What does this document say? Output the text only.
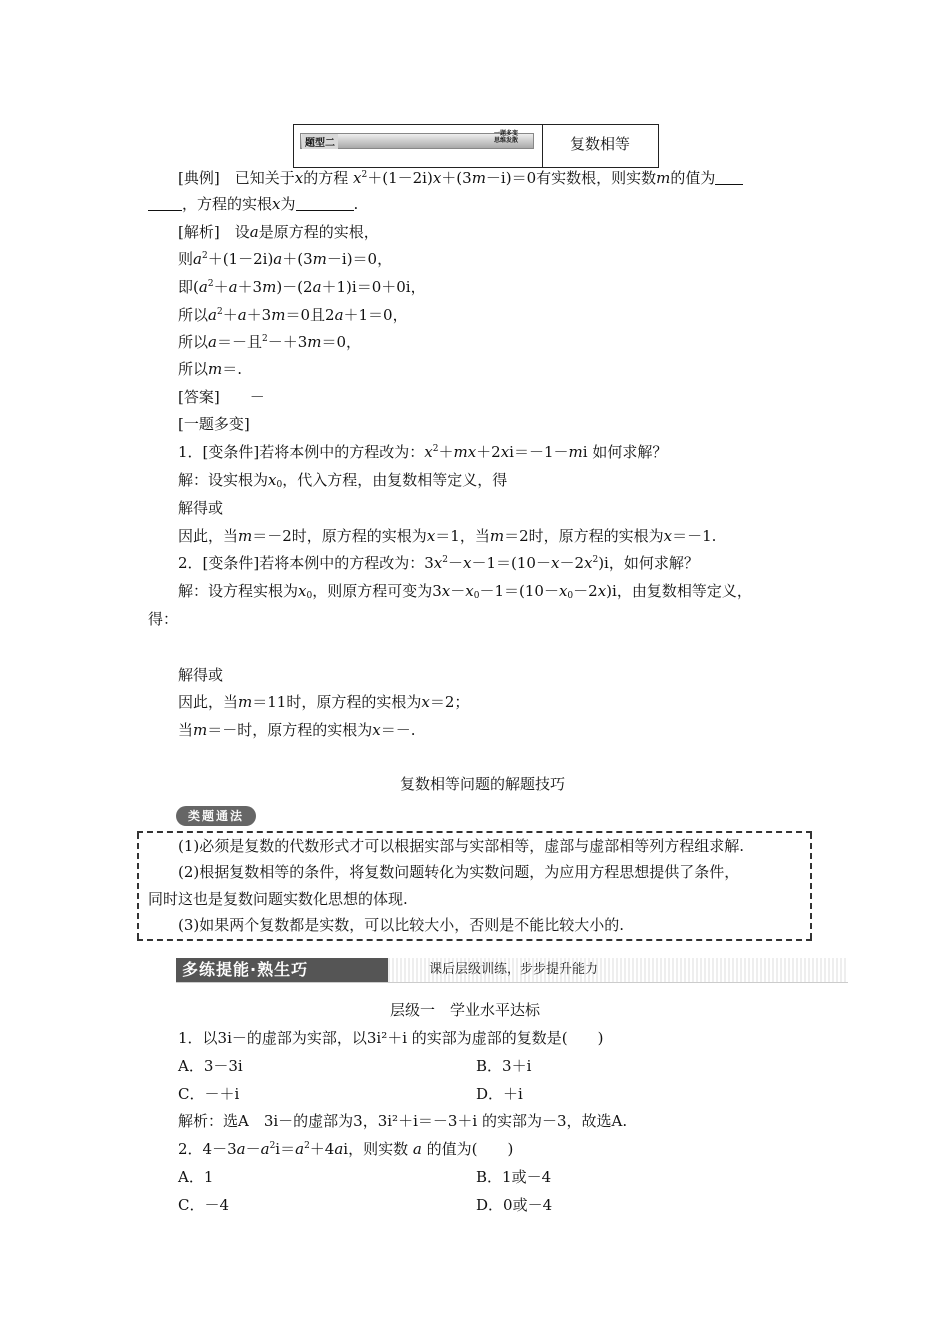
题型二
一题多变
思维发散	复数相等
[典例]　 已知关于x的方程 $x^2+(1-2i)x+(3m-i)=0$有实数根，则实数m的值为
，方程的实根x为	.
[解析]　 设a是原方程的实根，
则$a^2+(1-2i)a+(3m-i)=0$，
即$(a^2+a+3m)-(2a+1)i=0+0i$，
所以$a^2+a+3m=0$且2a＋1＝0，
所以a＝－且$^2$－＋3m＝0，
所以m＝.
[答案]　　 －
[一题多变]
1．[变条件]若将本例中的方程改为：$x^2+mx+2xi=-1-mi$ 如何求解？
解：设实根为$x_0$，代入方程，由复数相等定义，得
解得或
因此，当m＝－2时，原方程的实根为x＝1，当m＝2时，原方程的实根为x＝－1.
2．[变条件]若将本例中的方程改为：$3x^2-x-1=(10-x-2x^2)i$，如何求解？
解：设方程实根为$x_0$，则原方程可变为$3x-x_0-1=(10-x_0-2x)i$，由复数相等定义，
得：
解得或
因此，当m＝11时，原方程的实根为x＝2；
当m＝－时，原方程的实根为x＝－.
复数相等问题的解题技巧
类题通法
(1)必须是复数的代数形式才可以根据实部与实部相等，虚部与虚部相等列方程组求解.
(2)根据复数相等的条件，将复数问题转化为实数问题，为应用方程思想提供了条件，
同时这也是复数问题实数化思想的体现.
(3)如果两个复数都是实数，可以比较大小，否则是不能比较大小的.
多练提能·熟生巧	课后层级训练，步步提升能力
层级一　学业水平达标
1．以3i－的虚部为实部，以3i²＋i 的实部为虚部的复数是(　　)
A．3－3i	B．3＋i
C．－＋i	D．＋i
解析：选A　3i－的虚部为3，3i²＋i＝－3＋i 的实部为－3，故选A.
2．$4-3a-a^2i=a^2+4ai$，则实数 a 的值为(　　)
A．1	B．1或－4
C．－4	D．0或－4
